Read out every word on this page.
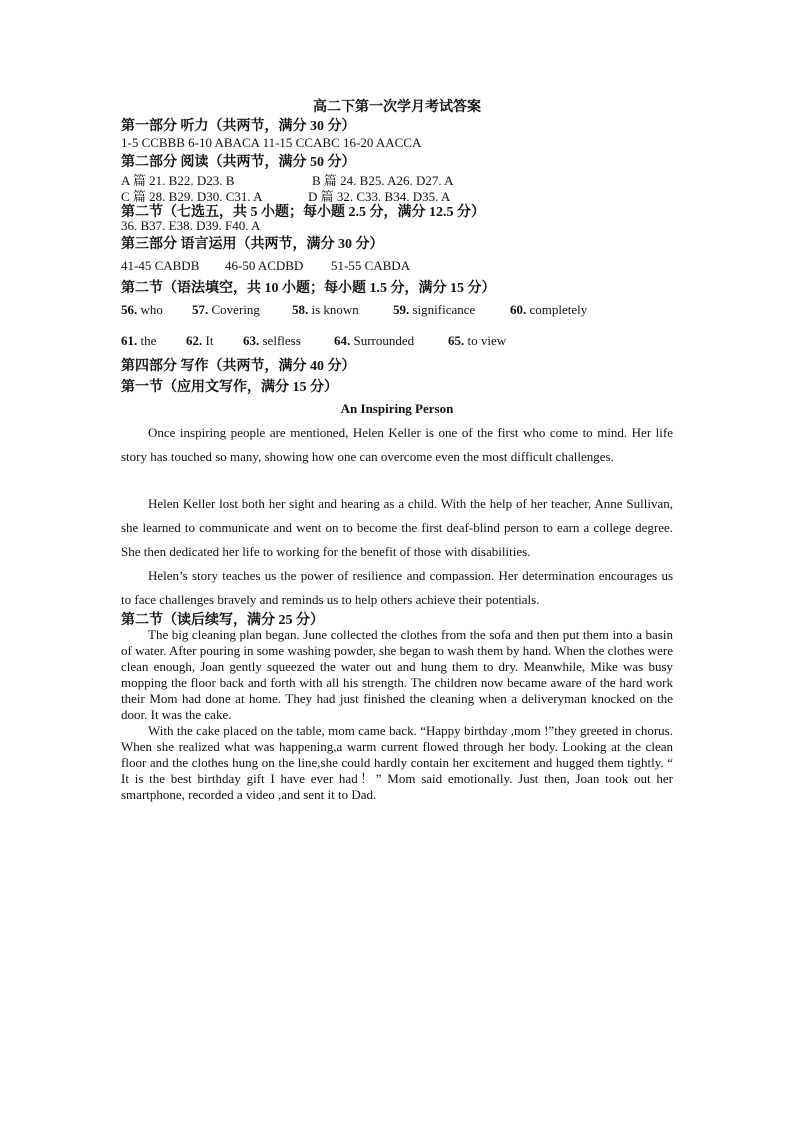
高二下第一次学月考试答案
第一部分 听力（共两节，满分 30 分）
1-5 CCBBB 6-10 ABACA 11-15 CCABC 16-20 AACCA
第二部分 阅读（共两节，满分 50 分）
A 篇 21. B22. D23. B	B 篇 24. B25. A26. D27. A
C 篇 28. B29. D30. C31. A	D 篇 32. C33. B34. D35. A
第二节（七选五，共 5 小题；每小题 2.5 分，满分 12.5 分）
36. B37. E38. D39. F40. A
第三部分 语言运用（共两节，满分 30 分）
41-45 CABDB 46-50 ACDBD 51-55 CABDA
第二节（语法填空，共 10 小题；每小题 1.5 分，满分 15 分）
56. who 57. Covering 58. is known	59. significance	60. completely
61. the 62. It 63. selfless	64. Surrounded	65. to view
第四部分 写作（共两节，满分 40 分）
第一节（应用文写作，满分 15 分）
An Inspiring Person
Once inspiring people are mentioned, Helen Keller is one of the first who come to mind. Her life story has touched so many, showing how one can overcome even the most difficult challenges.
Helen Keller lost both her sight and hearing as a child. With the help of her teacher, Anne Sullivan, she learned to communicate and went on to become the first deaf-blind person to earn a college degree. She then dedicated her life to working for the benefit of those with disabilities.
Helen’s story teaches us the power of resilience and compassion. Her determination encourages us to face challenges bravely and reminds us to help others achieve their potentials.
第二节（读后续写，满分 25 分）
The big cleaning plan began. June collected the clothes from the sofa and then put them into a basin of water. After pouring in some washing powder, she began to wash them by hand. When the clothes were clean enough, Joan gently squeezed the water out and hung them to dry. Meanwhile, Mike was busy mopping the floor back and forth with all his strength. The children now became aware of the hard work their Mom had done at home. They had just finished the cleaning when a deliveryman knocked on the door. It was the cake.
With the cake placed on the table, mom came back. “Happy birthday ,mom !”they greeted in chorus. When she realized what was happening,a warm current flowed through her body. Looking at the clean floor and the clothes hung on the line,she could hardly contain her excitement and hugged them tightly. “ It is the best birthday gift I have ever had！” Mom said emotionally. Just then, Joan took out her smartphone, recorded a video ,and sent it to Dad.
